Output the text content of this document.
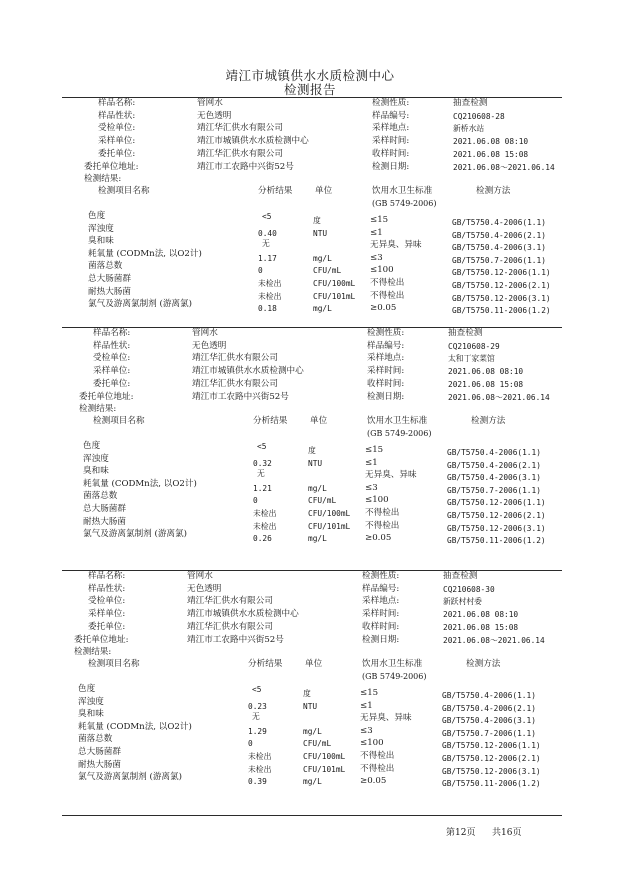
靖江市城镇供水水质检测中心
检测报告
样品名称:	管网水
样品性状:	无色透明
受检单位:	靖江华汇供水有限公司
采样单位:	靖江市城镇供水水质检测中心
委托单位:	靖江华汇供水有限公司
委托单位地址:	靖江市工农路中兴街52号
检测性质:	抽查检测
样品编号:	CQ210608-28
采样地点:	新桥水站
采样时间:	2021.06.08 08:10
收样时间:	2021.06.08 15:08
检测日期:	2021.06.08～2021.06.14
检测结果:
检测项目名称	分析结果	单位	饮用水卫生标准
(GB 5749-2006)
检测方法
色度	<5	度	≤15	GB/T5750.4-2006(1.1)
浑浊度	0.40	NTU	≤1	GB/T5750.4-2006(2.1)
臭和味	无	无异臭、异味	GB/T5750.4-2006(3.1)
耗氧量 (CODMn法, 以O2计)	1.17	mg/L	≤3	GB/T5750.7-2006(1.1)
菌落总数	0	CFU/mL	≤100	GB/T5750.12-2006(1.1)
总大肠菌群	未检出	CFU/100mL 不得检出	GB/T5750.12-2006(2.1)
耐热大肠菌	未检出	CFU/101mL 不得检出	GB/T5750.12-2006(3.1)
氯气及游离氯制剂 (游离氯)	0.18	mg/L	≥0.05	GB/T5750.11-2006(1.2)
样品名称:	管网水
样品性状:	无色透明
受检单位:	靖江华汇供水有限公司
采样单位:	靖江市城镇供水水质检测中心
委托单位:	靖江华汇供水有限公司
委托单位地址:	靖江市工农路中兴街52号
检测性质:	抽查检测
样品编号:	CQ210608-29
采样地点:	太和丁家菜馆
采样时间:	2021.06.08 08:10
收样时间:	2021.06.08 15:08
检测日期:	2021.06.08～2021.06.14
检测结果:
检测项目名称	分析结果	单位	饮用水卫生标准
(GB 5749-2006)
检测方法
色度	<5	度	≤15	GB/T5750.4-2006(1.1)
浑浊度	0.32	NTU	≤1	GB/T5750.4-2006(2.1)
臭和味	无	无异臭、异味	GB/T5750.4-2006(3.1)
耗氧量 (CODMn法, 以O2计)	1.21	mg/L	≤3	GB/T5750.7-2006(1.1)
菌落总数	0	CFU/mL	≤100	GB/T5750.12-2006(1.1)
总大肠菌群	未检出	CFU/100mL 不得检出	GB/T5750.12-2006(2.1)
耐热大肠菌	未检出	CFU/101mL 不得检出	GB/T5750.12-2006(3.1)
氯气及游离氯制剂 (游离氯)	0.26	mg/L	≥0.05	GB/T5750.11-2006(1.2)
样品名称:	管网水
样品性状:	无色透明
受检单位:	靖江华汇供水有限公司
采样单位:	靖江市城镇供水水质检测中心
委托单位:	靖江华汇供水有限公司
委托单位地址:	靖江市工农路中兴街52号
检测性质:	抽查检测
样品编号:	CQ210608-30
采样地点:	新跃村村委
采样时间:	2021.06.08 08:10
收样时间:	2021.06.08 15:08
检测日期:	2021.06.08～2021.06.14
检测结果:
检测项目名称	分析结果	单位	饮用水卫生标准
(GB 5749-2006)
检测方法
色度	<5	度	≤15	GB/T5750.4-2006(1.1)
浑浊度	0.23	NTU	≤1	GB/T5750.4-2006(2.1)
臭和味	无	无异臭、异味	GB/T5750.4-2006(3.1)
耗氧量 (CODMn法, 以O2计)	1.29	mg/L	≤3	GB/T5750.7-2006(1.1)
菌落总数	0	CFU/mL	≤100	GB/T5750.12-2006(1.1)
总大肠菌群	未检出	CFU/100mL 不得检出	GB/T5750.12-2006(2.1)
耐热大肠菌	未检出	CFU/101mL 不得检出	GB/T5750.12-2006(3.1)
氯气及游离氯制剂 (游离氯)	0.39	mg/L	≥0.05	GB/T5750.11-2006(1.2)
第12页 共16页
